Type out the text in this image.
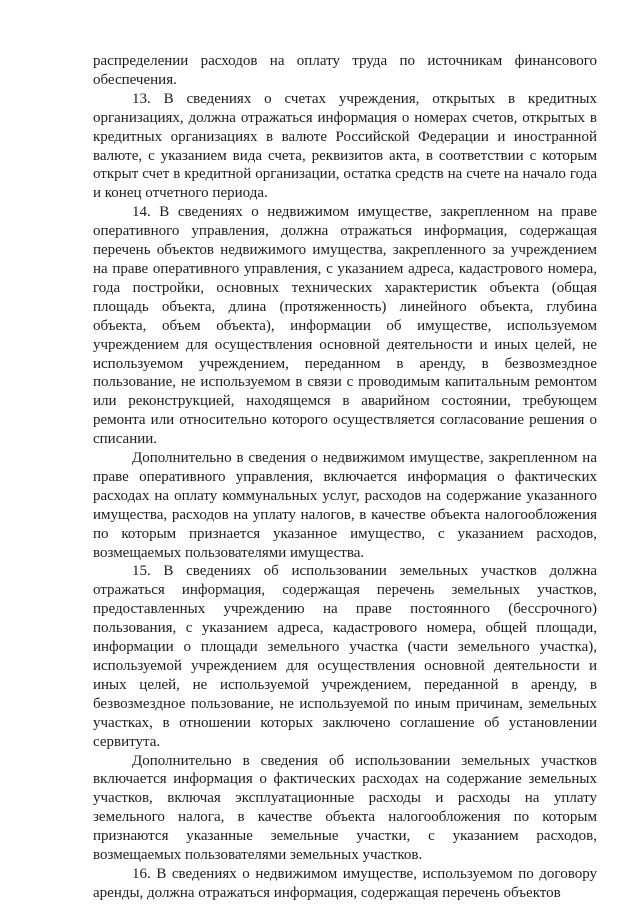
распределении расходов на оплату труда по источникам финансового обеспечения.

13. В сведениях о счетах учреждения, открытых в кредитных организациях, должна отражаться информация о номерах счетов, открытых в кредитных организациях в валюте Российской Федерации и иностранной валюте, с указанием вида счета, реквизитов акта, в соответствии с которым открыт счет в кредитной организации, остатка средств на счете на начало года и конец отчетного периода.

14. В сведениях о недвижимом имуществе, закрепленном на праве оперативного управления, должна отражаться информация, содержащая перечень объектов недвижимого имущества, закрепленного за учреждением на праве оперативного управления, с указанием адреса, кадастрового номера, года постройки, основных технических характеристик объекта (общая площадь объекта, длина (протяженность) линейного объекта, глубина объекта, объем объекта), информации об имуществе, используемом учреждением для осуществления основной деятельности и иных целей, не используемом учреждением, переданном в аренду, в безвозмездное пользование, не используемом в связи с проводимым капитальным ремонтом или реконструкцией, находящемся в аварийном состоянии, требующем ремонта или относительно которого осуществляется согласование решения о списании.

Дополнительно в сведения о недвижимом имуществе, закрепленном на праве оперативного управления, включается информация о фактических расходах на оплату коммунальных услуг, расходов на содержание указанного имущества, расходов на уплату налогов, в качестве объекта налогообложения по которым признается указанное имущество, с указанием расходов, возмещаемых пользователями имущества.

15. В сведениях об использовании земельных участков должна отражаться информация, содержащая перечень земельных участков, предоставленных учреждению на праве постоянного (бессрочного) пользования, с указанием адреса, кадастрового номера, общей площади, информации о площади земельного участка (части земельного участка), используемой учреждением для осуществления основной деятельности и иных целей, не используемой учреждением, переданной в аренду, в безвозмездное пользование, не используемой по иным причинам, земельных участках, в отношении которых заключено соглашение об установлении сервитута.

Дополнительно в сведения об использовании земельных участков включается информация о фактических расходах на содержание земельных участков, включая эксплуатационные расходы и расходы на уплату земельного налога, в качестве объекта налогообложения по которым признаются указанные земельные участки, с указанием расходов, возмещаемых пользователями земельных участков.

16. В сведениях о недвижимом имуществе, используемом по договору аренды, должна отражаться информация, содержащая перечень объектов
